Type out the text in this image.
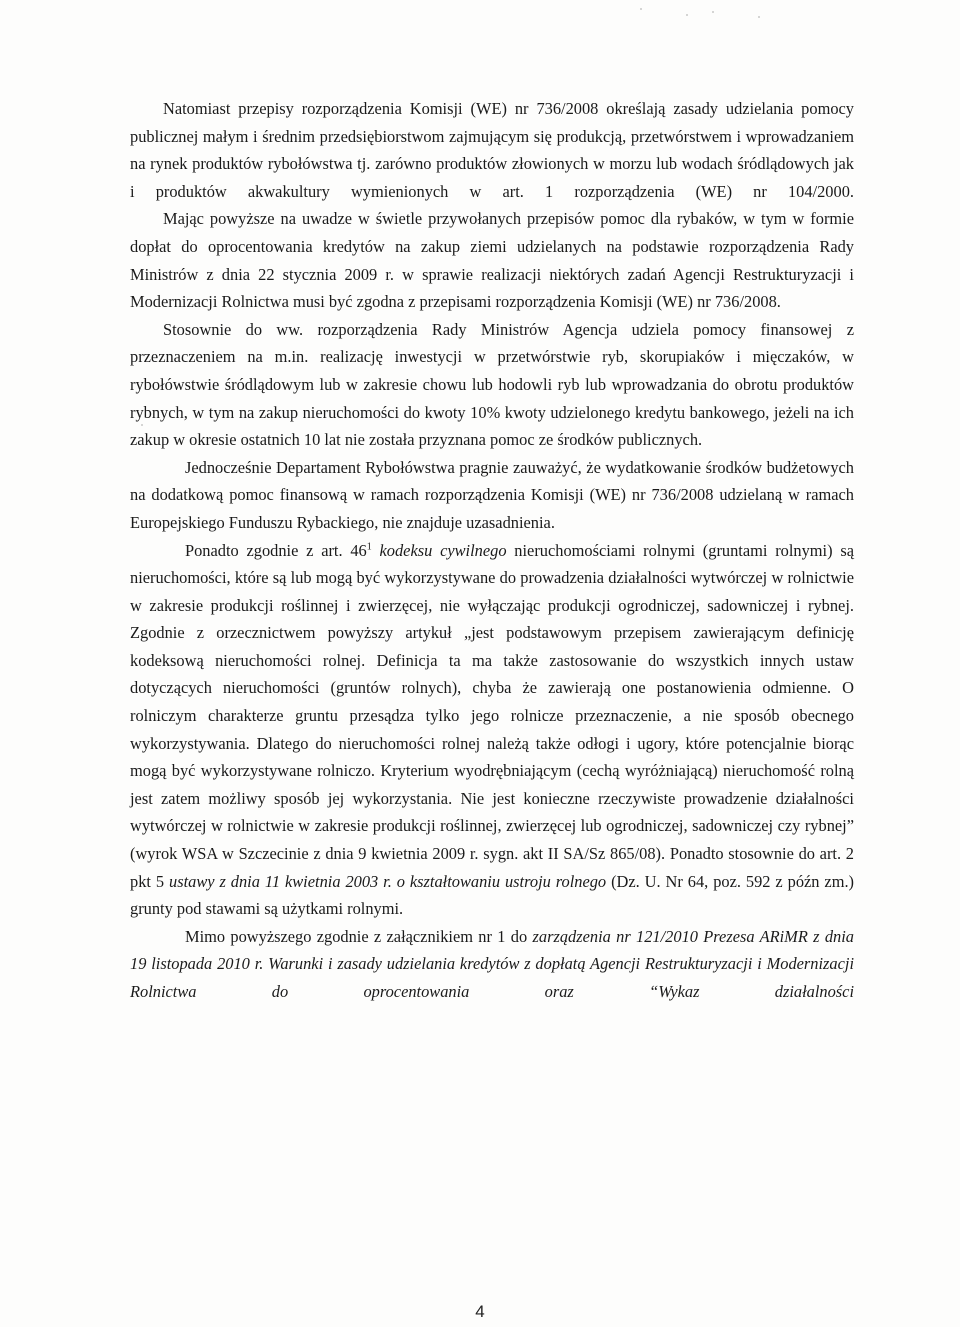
Natomiast przepisy rozporządzenia Komisji (WE) nr 736/2008 określają zasady udzielania pomocy publicznej małym i średnim przedsiębiorstwom zajmującym się produkcją, przetwórstwem i wprowadzaniem na rynek produktów rybołówstwa tj. zarówno produktów złowionych w morzu lub wodach śródlądowych jak i produktów akwakultury wymienionych w art. 1 rozporządzenia (WE) nr 104/2000.

Mając powyższe na uwadze w świetle przywołanych przepisów pomoc dla rybaków, w tym w formie dopłat do oprocentowania kredytów na zakup ziemi udzielanych na podstawie rozporządzenia Rady Ministrów z dnia 22 stycznia 2009 r. w sprawie realizacji niektórych zadań Agencji Restrukturyzacji i Modernizacji Rolnictwa musi być zgodna z przepisami rozporządzenia Komisji (WE) nr 736/2008.

Stosownie do ww. rozporządzenia Rady Ministrów Agencja udziela pomocy finansowej z przeznaczeniem na m.in. realizację inwestycji w przetwórstwie ryb, skorupiaków i mięczaków, w rybołówstwie śródlądowym lub w zakresie chowu lub hodowli ryb lub wprowadzania do obrotu produktów rybnych, w tym na zakup nieruchomości do kwoty 10% kwoty udzielonego kredytu bankowego, jeżeli na ich zakup w okresie ostatnich 10 lat nie została przyznana pomoc ze środków publicznych.

Jednocześnie Departament Rybołówstwa pragnie zauważyć, że wydatkowanie środków budżetowych na dodatkową pomoc finansową w ramach rozporządzenia Komisji (WE) nr 736/2008 udzielaną w ramach Europejskiego Funduszu Rybackiego, nie znajduje uzasadnienia.

Ponadto zgodnie z art. $46^1$ kodeksu cywilnego nieruchomościami rolnymi (gruntami rolnymi) są nieruchomości, które są lub mogą być wykorzystywane do prowadzenia działalności wytwórczej w rolnictwie w zakresie produkcji roślinnej i zwierzęcej, nie wyłączając produkcji ogrodniczej, sadowniczej i rybnej. Zgodnie z orzecznictwem powyższy artykuł „jest podstawowym przepisem zawierającym definicję kodeksową nieruchomości rolnej. Definicja ta ma także zastosowanie do wszystkich innych ustaw dotyczących nieruchomości (gruntów rolnych), chyba że zawierają one postanowienia odmienne. O rolniczym charakterze gruntu przesądza tylko jego rolnicze przeznaczenie, a nie sposób obecnego wykorzystywania. Dlatego do nieruchomości rolnej należą także odłogi i ugory, które potencjalnie biorąc mogą być wykorzystywane rolniczo. Kryterium wyodrębniającym (cechą wyróżniającą) nieruchomość rolną jest zatem możliwy sposób jej wykorzystania. Nie jest konieczne rzeczywiste prowadzenie działalności wytwórczej w rolnictwie w zakresie produkcji roślinnej, zwierzęcej lub ogrodniczej, sadowniczej czy rybnej” (wyrok WSA w Szczecinie z dnia 9 kwietnia 2009 r. sygn. akt II SA/Sz 865/08). Ponadto stosownie do art. 2 pkt 5 ustawy z dnia 11 kwietnia 2003 r. o kształtowaniu ustroju rolnego (Dz. U. Nr 64, poz. 592 z późn zm.) grunty pod stawami są użytkami rolnymi.

Mimo powyższego zgodnie z załącznikiem nr 1 do zarządzenia nr 121/2010 Prezesa ARiMR z dnia 19 listopada 2010 r. Warunki i zasady udzielania kredytów z dopłatą Agencji Restrukturyzacji i Modernizacji Rolnictwa do oprocentowania oraz “Wykaz działalności

4
